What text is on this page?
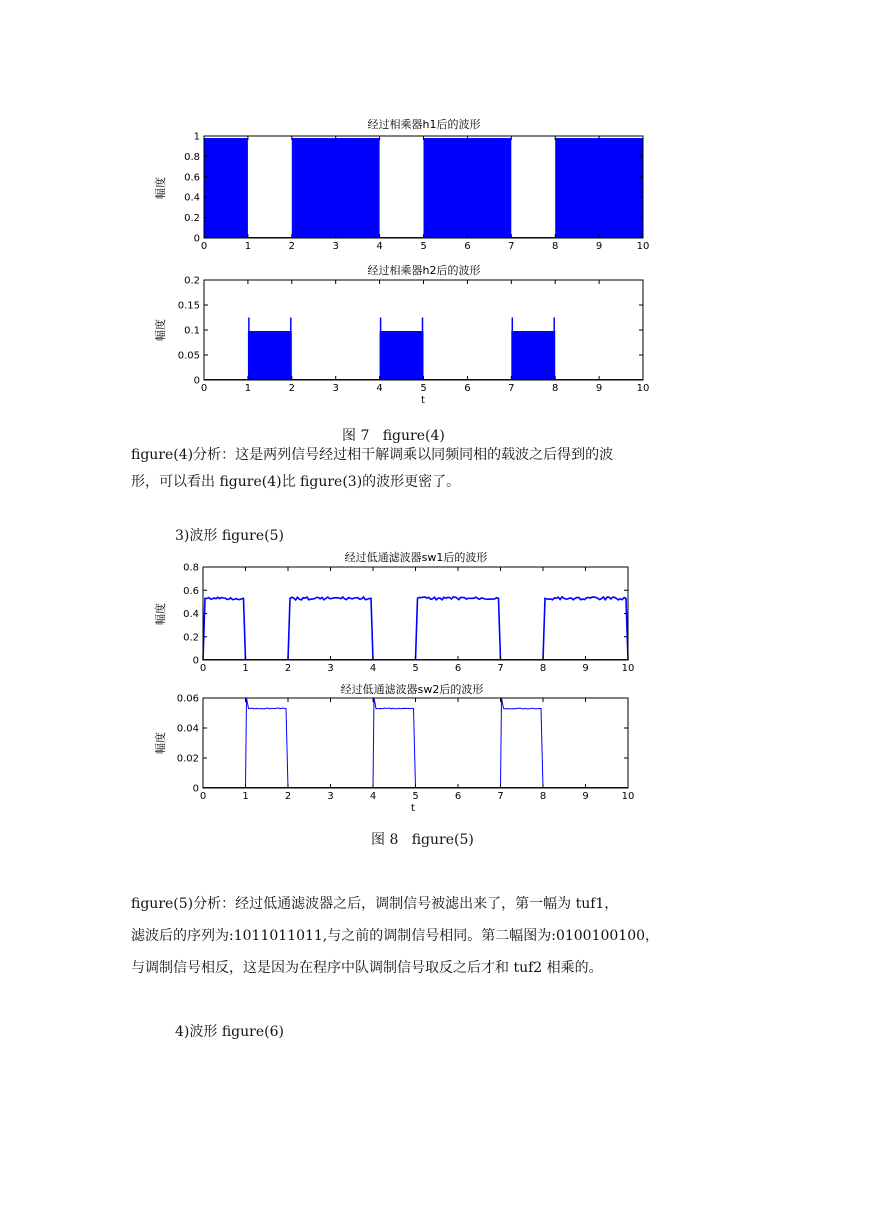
经过相乘器h1后的波形
幅度
0	1	2	3	4	5	6	7	8	9	10
0
0.2
0.4
0.6
0.8
1
经过相乘器h2后的波形
幅度
t
0	1	2	3	4	5	6	7	8	9	10
0
0.05
0.1
0.15
0.2
图 7   figure(4)

figure(4)分析：这是两列信号经过相干解调乘以同频同相的载波之后得到的波

形，可以看出 figure(4)比 figure(3)的波形更密了。

3)波形 figure(5)
经过低通滤波器sw1后的波形
幅度
0	1	2	3	4	5	6	7	8	9	10
0
0.2
0.4
0.6
0.8
经过低通滤波器sw2后的波形
幅度
t
0	1	2	3	4	5	6	7	8	9	10
0
0.02
0.04
0.06
图 8   figure(5)

figure(5)分析：经过低通滤波器之后，调制信号被滤出来了，第一幅为 tuf1，

滤波后的序列为:1011011011,与之前的调制信号相同。第二幅图为:0100100100，

与调制信号相反，这是因为在程序中队调制信号取反之后才和 tuf2 相乘的。

4)波形 figure(6)
